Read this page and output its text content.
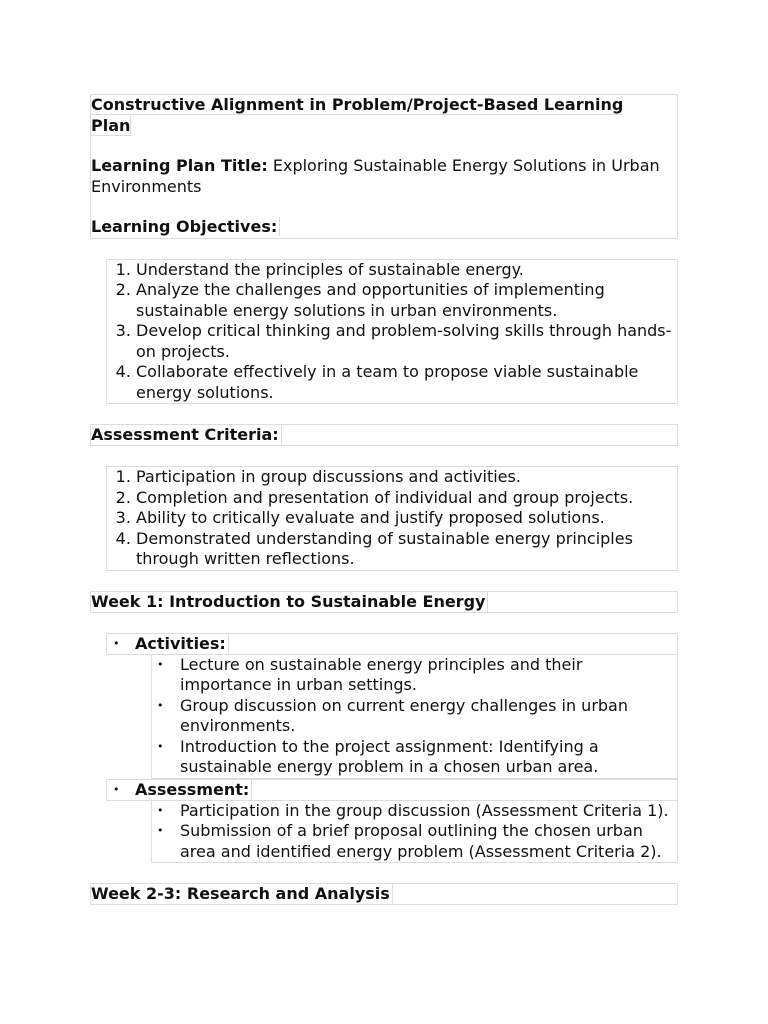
Constructive Alignment in Problem/Project-Based Learning Plan
Learning Plan Title: Exploring Sustainable Energy Solutions in Urban Environments
Learning Objectives:
1. Understand the principles of sustainable energy.
2. Analyze the challenges and opportunities of implementing sustainable energy solutions in urban environments.
3. Develop critical thinking and problem-solving skills through hands-on projects.
4. Collaborate effectively in a team to propose viable sustainable energy solutions.
Assessment Criteria:
1. Participation in group discussions and activities.
2. Completion and presentation of individual and group projects.
3. Ability to critically evaluate and justify proposed solutions.
4. Demonstrated understanding of sustainable energy principles through written reflections.
Week 1: Introduction to Sustainable Energy
• Activities:
• Lecture on sustainable energy principles and their importance in urban settings.
• Group discussion on current energy challenges in urban environments.
• Introduction to the project assignment: Identifying a sustainable energy problem in a chosen urban area.
• Assessment:
• Participation in the group discussion (Assessment Criteria 1).
• Submission of a brief proposal outlining the chosen urban area and identified energy problem (Assessment Criteria 2).
Week 2-3: Research and Analysis
